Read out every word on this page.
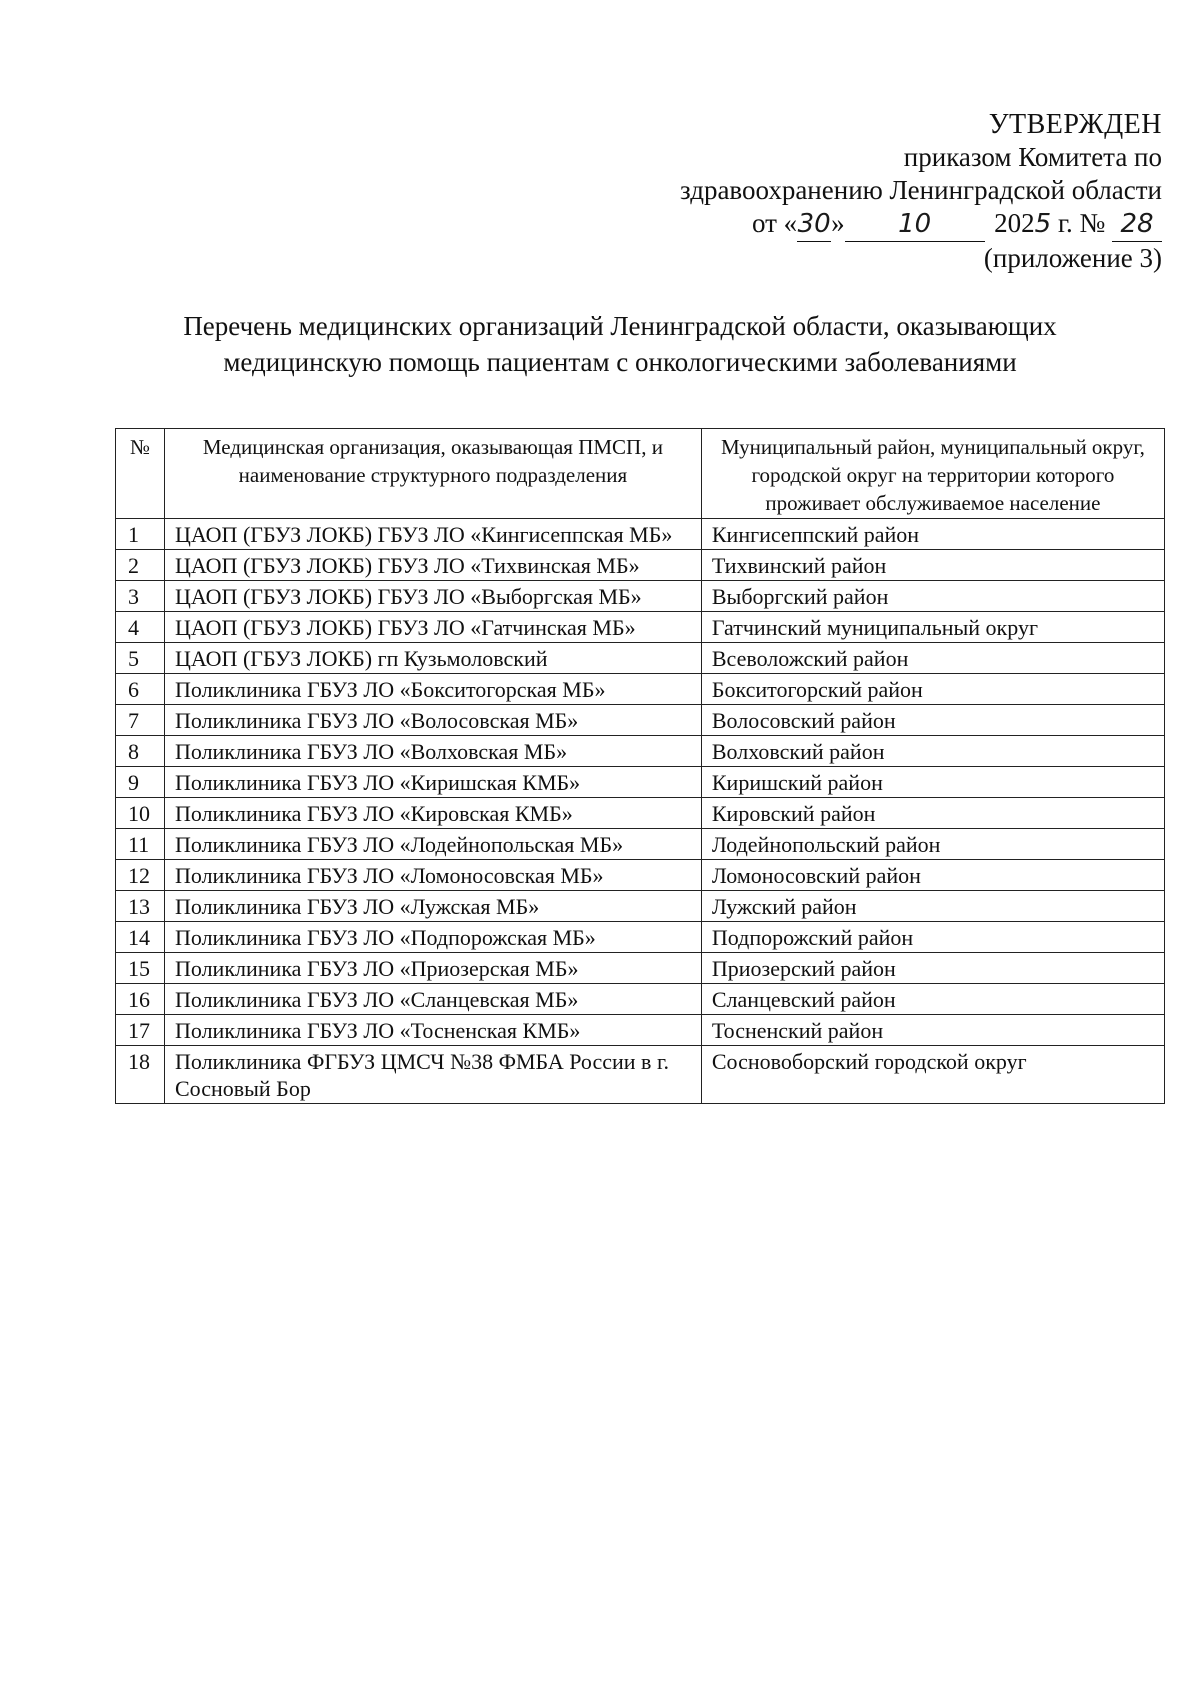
УТВЕРЖДЕН
приказом Комитета по
здравоохранению Ленинградской области
от «30» 10 2025 г. № 28
(приложение 3)
Перечень медицинских организаций Ленинградской области, оказывающих
медицинскую помощь пациентам с онкологическими заболеваниями
№	Медицинская организация, оказывающая ПМСП, и наименование структурного подразделения	Муниципальный район, муниципальный округ, городской округ на территории которого проживает обслуживаемое население
1	ЦАОП (ГБУЗ ЛОКБ) ГБУЗ ЛО «Кингисеппская МБ»	Кингисеппский район
2	ЦАОП (ГБУЗ ЛОКБ) ГБУЗ ЛО «Тихвинская МБ»	Тихвинский район
3	ЦАОП (ГБУЗ ЛОКБ) ГБУЗ ЛО «Выборгская МБ»	Выборгский район
4	ЦАОП (ГБУЗ ЛОКБ) ГБУЗ ЛО «Гатчинская МБ»	Гатчинский муниципальный округ
5	ЦАОП (ГБУЗ ЛОКБ) гп Кузьмоловский	Всеволожский район
6	Поликлиника ГБУЗ ЛО «Бокситогорская МБ»	Бокситогорский район
7	Поликлиника ГБУЗ ЛО «Волосовская МБ»	Волосовский район
8	Поликлиника ГБУЗ ЛО «Волховская МБ»	Волховский район
9	Поликлиника ГБУЗ ЛО «Киришская КМБ»	Киришский район
10	Поликлиника ГБУЗ ЛО «Кировская КМБ»	Кировский район
11	Поликлиника ГБУЗ ЛО «Лодейнопольская МБ»	Лодейнопольский район
12	Поликлиника ГБУЗ ЛО «Ломоносовская МБ»	Ломоносовский район
13	Поликлиника ГБУЗ ЛО «Лужская МБ»	Лужский район
14	Поликлиника ГБУЗ ЛО «Подпорожская МБ»	Подпорожский район
15	Поликлиника ГБУЗ ЛО «Приозерская МБ»	Приозерский район
16	Поликлиника ГБУЗ ЛО «Сланцевская МБ»	Сланцевский район
17	Поликлиника ГБУЗ ЛО «Тосненская КМБ»	Тосненский район
18	Поликлиника ФГБУЗ ЦМСЧ №38 ФМБА России в г. Сосновый Бор	Сосновоборский городской округ
